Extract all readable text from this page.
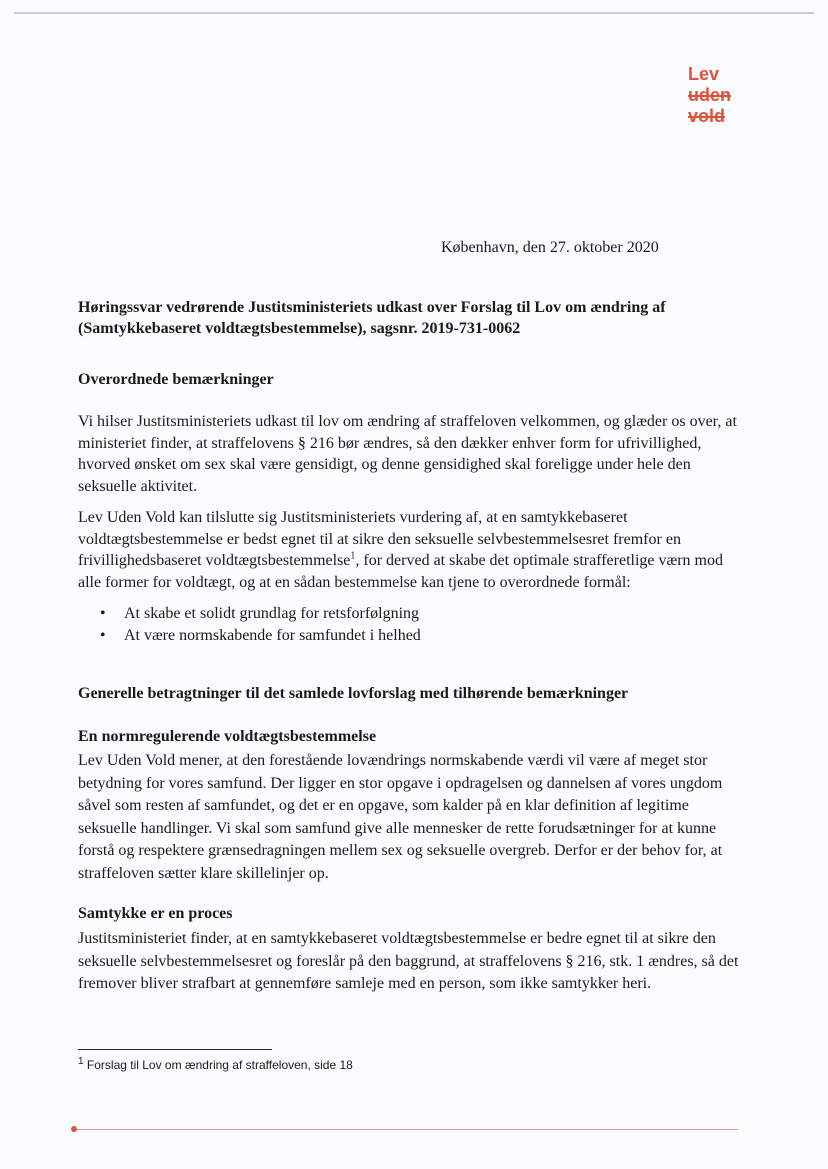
Lev
uden
vold
København, den 27. oktober 2020
Høringssvar vedrørende Justitsministeriets udkast over Forslag til Lov om ændring af (Samtykkebaseret voldtægtsbestemmelse), sagsnr. 2019-731-0062
Overordnede bemærkninger
Vi hilser Justitsministeriets udkast til lov om ændring af straffeloven velkommen, og glæder os over, at ministeriet finder, at straffelovens § 216 bør ændres, så den dækker enhver form for ufrivillighed, hvorved ønsket om sex skal være gensidigt, og denne gensidighed skal foreligge under hele den seksuelle aktivitet.
Lev Uden Vold kan tilslutte sig Justitsministeriets vurdering af, at en samtykkebaseret voldtægtsbestemmelse er bedst egnet til at sikre den seksuelle selvbestemmelsesret fremfor en frivillighedsbaseret voldtægtsbestemmelse$^1$, for derved at skabe det optimale strafferetlige værn mod alle former for voldtægt, og at en sådan bestemmelse kan tjene to overordnede formål:
• At skabe et solidt grundlag for retsforfølgning
• At være normskabende for samfundet i helhed
Generelle betragtninger til det samlede lovforslag med tilhørende bemærkninger
En normregulerende voldtægtsbestemmelse
Lev Uden Vold mener, at den forestående lovændrings normskabende værdi vil være af meget stor betydning for vores samfund. Der ligger en stor opgave i opdragelsen og dannelsen af vores ungdom såvel som resten af samfundet, og det er en opgave, som kalder på en klar definition af legitime seksuelle handlinger. Vi skal som samfund give alle mennesker de rette forudsætninger for at kunne forstå og respektere grænsedragningen mellem sex og seksuelle overgreb. Derfor er der behov for, at straffeloven sætter klare skillelinjer op.
Samtykke er en proces
Justitsministeriet finder, at en samtykkebaseret voldtægtsbestemmelse er bedre egnet til at sikre den seksuelle selvbestemmelsesret og foreslår på den baggrund, at straffelovens § 216, stk. 1 ændres, så det fremover bliver strafbart at gennemføre samleje med en person, som ikke samtykker heri.
$^1$ Forslag til Lov om ændring af straffeloven, side 18
